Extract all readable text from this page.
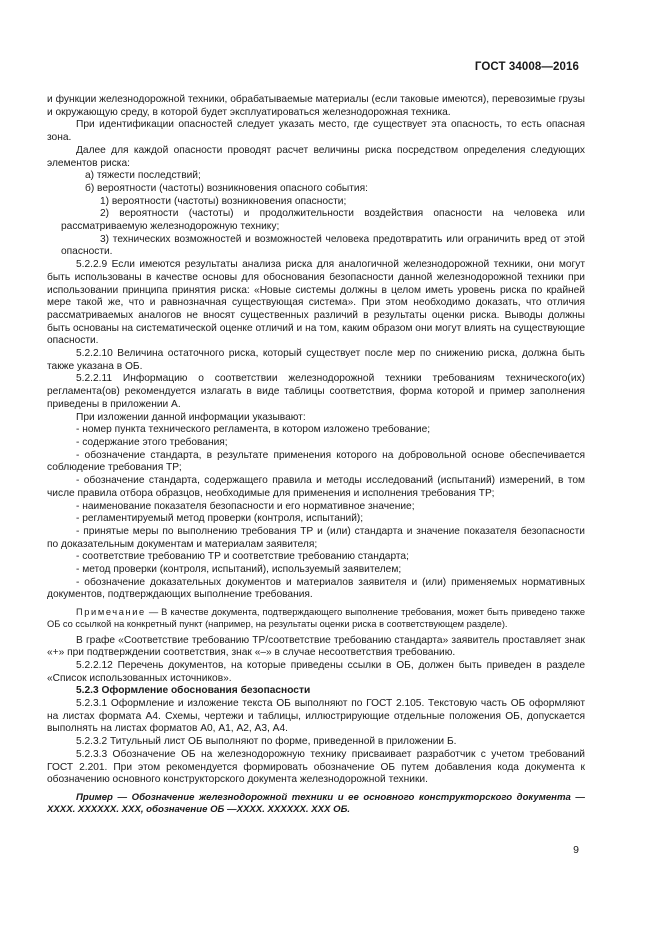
ГОСТ 34008—2016

и функции железнодорожной техники, обрабатываемые материалы (если таковые имеются), перевозимые грузы и окружающую среду, в которой будет эксплуатироваться железнодорожная техника.

При идентификации опасностей следует указать место, где существует эта опасность, то есть опасная зона.

Далее для каждой опасности проводят расчет величины риска посредством определения следующих элементов риска:

а) тяжести последствий;

б) вероятности (частоты) возникновения опасного события:

1) вероятности (частоты) возникновения опасности;

2) вероятности (частоты) и продолжительности воздействия опасности на человека или рассматриваемую железнодорожную технику;

3) технических возможностей и возможностей человека предотвратить или ограничить вред от этой опасности.

5.2.2.9 Если имеются результаты анализа риска для аналогичной железнодорожной техники, они могут быть использованы в качестве основы для обоснования безопасности данной железнодорожной техники при использовании принципа принятия риска: «Новые системы должны в целом иметь уровень риска по крайней мере такой же, что и равнозначная существующая система». При этом необходимо доказать, что отличия рассматриваемых аналогов не вносят существенных различий в результаты оценки риска. Выводы должны быть основаны на систематической оценке отличий и на том, каким образом они могут влиять на существующие опасности.

5.2.2.10 Величина остаточного риска, который существует после мер по снижению риска, должна быть также указана в ОБ.

5.2.2.11 Информацию о соответствии железнодорожной техники требованиям технического(их) регламента(ов) рекомендуется излагать в виде таблицы соответствия, форма которой и пример заполнения приведены в приложении А.

При изложении данной информации указывают:

- номер пункта технического регламента, в котором изложено требование;

- содержание этого требования;

- обозначение стандарта, в результате применения которого на добровольной основе обеспечивается соблюдение требования ТР;

- обозначение стандарта, содержащего правила и методы исследований (испытаний) измерений, в том числе правила отбора образцов, необходимые для применения и исполнения требования ТР;

- наименование показателя безопасности и его нормативное значение;

- регламентируемый метод проверки (контроля, испытаний);

- принятые меры по выполнению требования ТР и (или) стандарта и значение показателя безопасности по доказательным документам и материалам заявителя;

- соответствие требованию ТР и соответствие требованию стандарта;

- метод проверки (контроля, испытаний), используемый заявителем;

- обозначение доказательных документов и материалов заявителя и (или) применяемых нормативных документов, подтверждающих выполнение требования.

Примечание — В качестве документа, подтверждающего выполнение требования, может быть приведено также ОБ со ссылкой на конкретный пункт (например, на результаты оценки риска в соответствующем разделе).

В графе «Соответствие требованию ТР/соответствие требованию стандарта» заявитель проставляет знак «+» при подтверждении соответствия, знак «–» в случае несоответствия требованию.

5.2.2.12 Перечень документов, на которые приведены ссылки в ОБ, должен быть приведен в разделе «Список использованных источников».

5.2.3 Оформление обоснования безопасности

5.2.3.1 Оформление и изложение текста ОБ выполняют по ГОСТ 2.105. Текстовую часть ОБ оформляют на листах формата А4. Схемы, чертежи и таблицы, иллюстрирующие отдельные положения ОБ, допускается выполнять на листах форматов А0, А1, А2, А3, А4.

5.2.3.2 Титульный лист ОБ выполняют по форме, приведенной в приложении Б.

5.2.3.3 Обозначение ОБ на железнодорожную технику присваивает разработчик с учетом требований ГОСТ 2.201. При этом рекомендуется формировать обозначение ОБ путем добавления кода документа к обозначению основного конструкторского документа железнодорожной техники.

Пример — Обозначение железнодорожной техники и ее основного конструкторского документа — ХХХХ. ХХХХХХ. ХХХ, обозначение ОБ —ХХХХ. ХХХХХХ. ХХХ ОБ.

9
